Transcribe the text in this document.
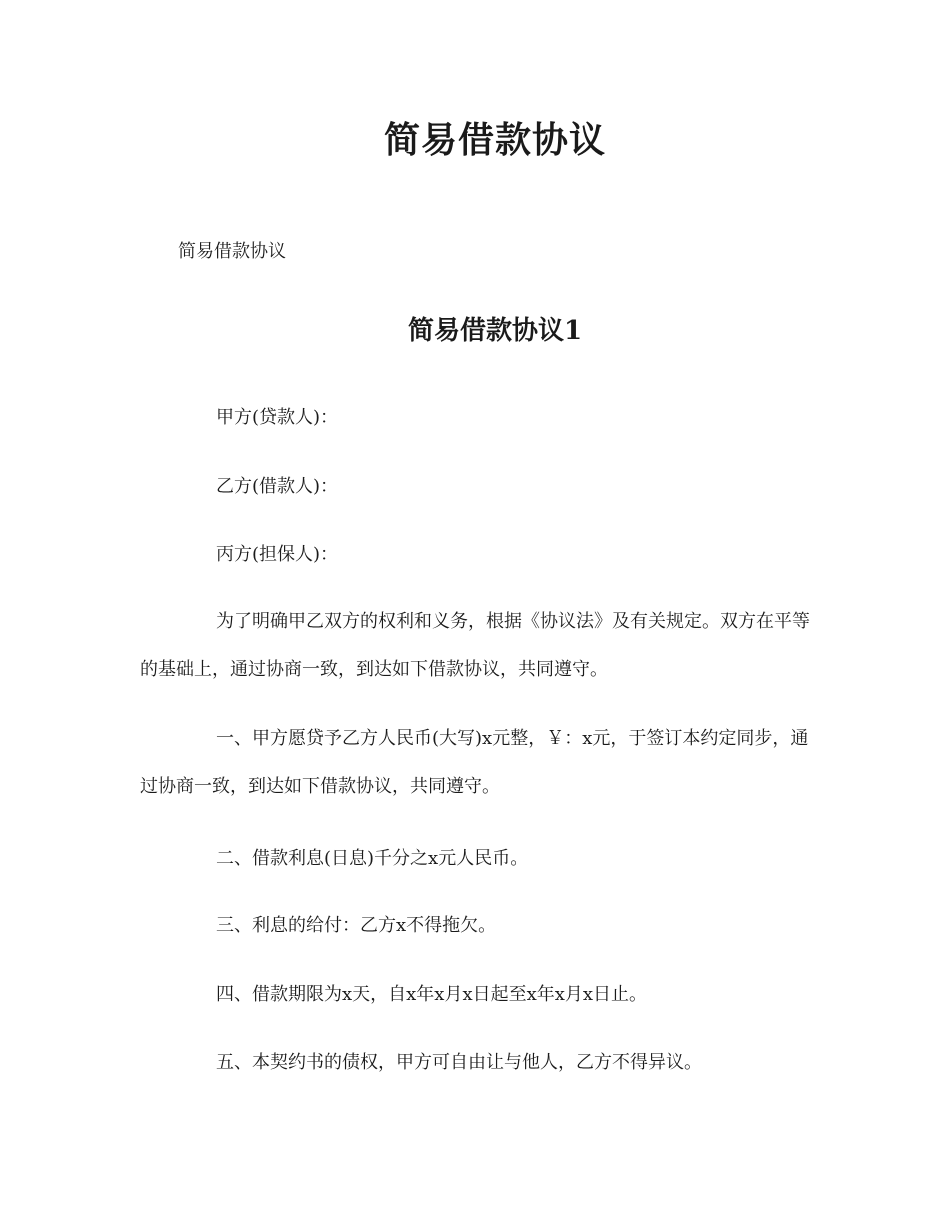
简易借款协议
简易借款协议
简易借款协议1

甲方(贷款人)：

乙方(借款人)：

丙方(担保人)：

为了明确甲乙双方的权利和义务，根据《协议法》及有关规定。双方在平等的基础上，通过协商一致，到达如下借款协议，共同遵守。

一、甲方愿贷予乙方人民币(大写)x元整，￥：x元，于签订本约定同步，通过协商一致，到达如下借款协议，共同遵守。

二、借款利息(日息)千分之x元人民币。

三、利息的给付：乙方x不得拖欠。

四、借款期限为x天，自x年x月x日起至x年x月x日止。

五、本契约书的债权，甲方可自由让与他人，乙方不得异议。
